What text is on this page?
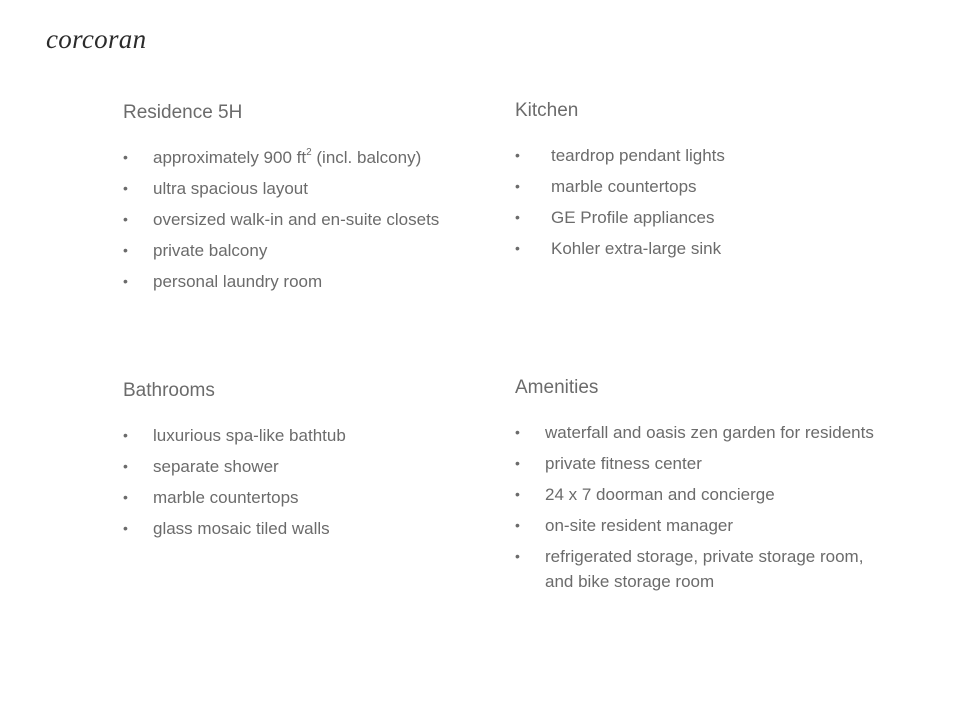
corcoran
Residence 5H
• approximately 900 $ft^2$ (incl. balcony)
• ultra spacious layout
• oversized walk-in and en-suite closets
• private balcony
• personal laundry room
Kitchen
• teardrop pendant lights
• marble countertops
• GE Profile appliances
• Kohler extra-large sink
Bathrooms
• luxurious spa-like bathtub
• separate shower
• marble countertops
• glass mosaic tiled walls
Amenities
• waterfall and oasis zen garden for residents
• private fitness center
• 24 x 7 doorman and concierge
• on-site resident manager
• refrigerated storage, private storage room, and bike storage room
